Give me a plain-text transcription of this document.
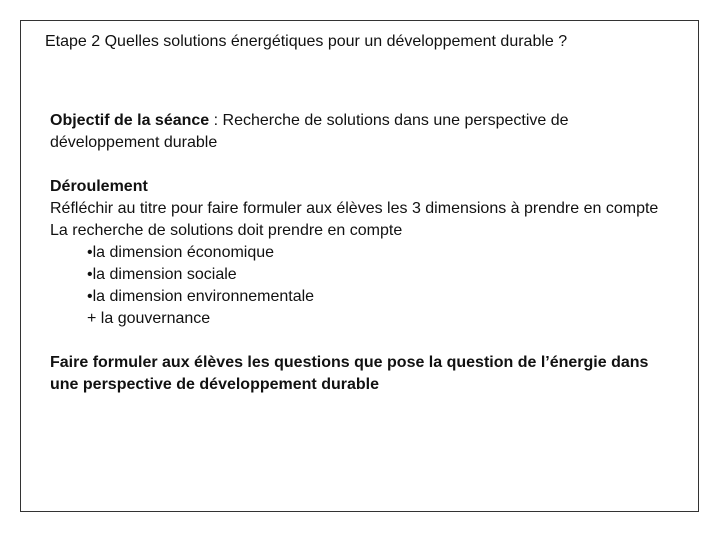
Etape 2 Quelles solutions énergétiques pour un développement durable ?

Objectif de la séance : Recherche de solutions dans une perspective de développement durable

Déroulement

Réfléchir au titre pour faire formuler aux élèves les 3 dimensions à prendre en compte

La recherche de solutions doit prendre en compte

•la dimension économique
•la dimension sociale
•la dimension environnementale
+ la gouvernance

Faire formuler aux élèves les questions que pose la question de l’énergie dans une perspective de développement durable
